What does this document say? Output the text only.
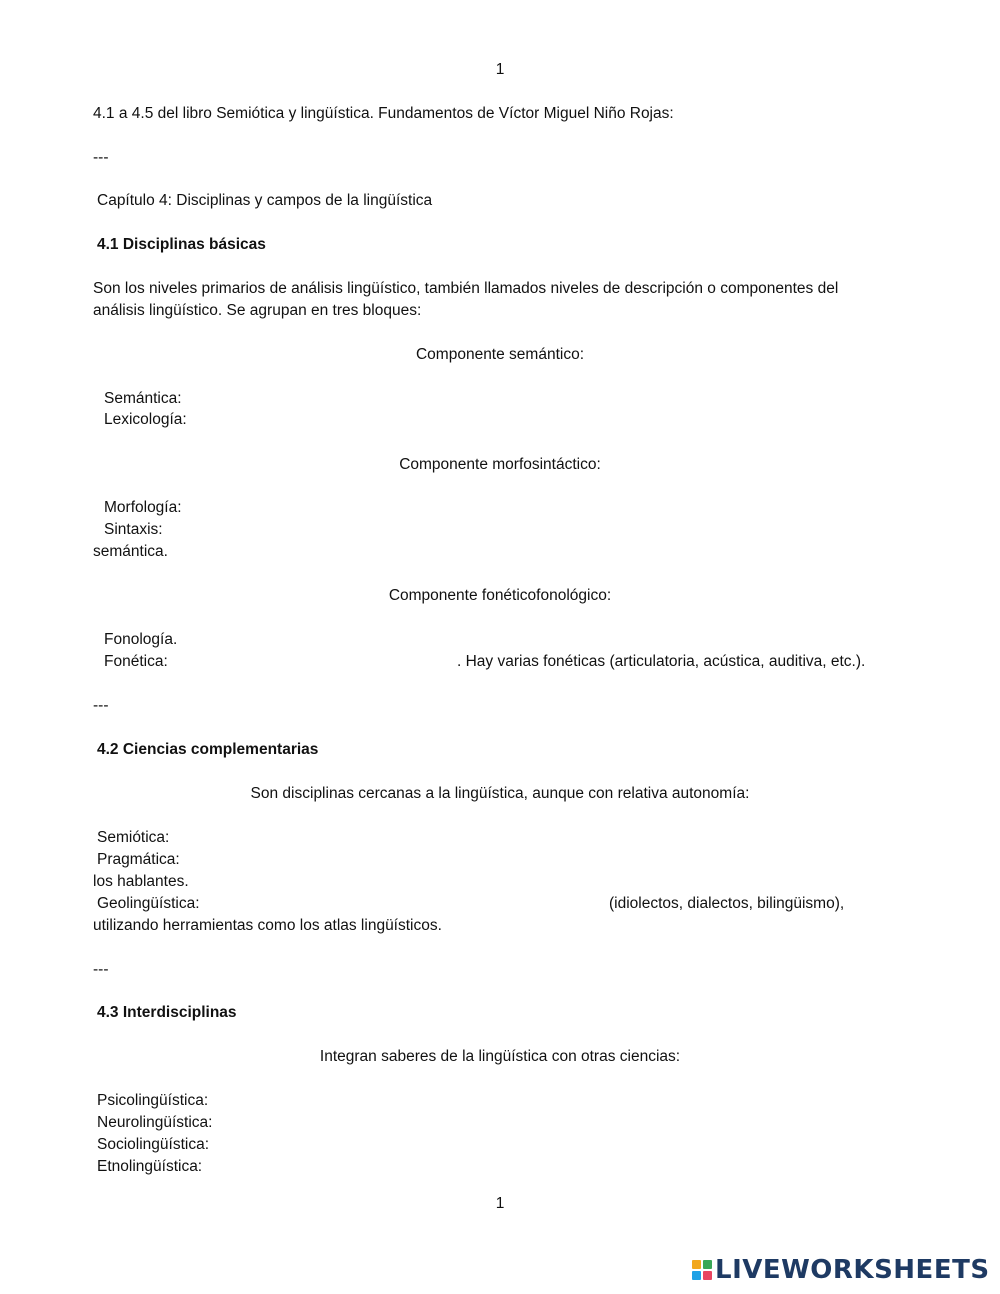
1
4.1 a 4.5 del libro Semiótica y lingüística. Fundamentos de Víctor Miguel Niño Rojas:
---
Capítulo 4: Disciplinas y campos de la lingüística
4.1 Disciplinas básicas
Son los niveles primarios de análisis lingüístico, también llamados niveles de descripción o componentes del
análisis lingüístico. Se agrupan en tres bloques:
Componente semántico:
Semántica:
Lexicología:
Componente morfosintáctico:
Morfología:
Sintaxis:
semántica.
Componente fonéticofonológico:
Fonología.
Fonética:	. Hay varias fonéticas (articulatoria, acústica, auditiva, etc.).
---
4.2 Ciencias complementarias
Son disciplinas cercanas a la lingüística, aunque con relativa autonomía:
Semiótica:
Pragmática:
los hablantes.
Geolingüística:	(idiolectos, dialectos, bilingüismo),
utilizando herramientas como los atlas lingüísticos.
---
4.3 Interdisciplinas
Integran saberes de la lingüística con otras ciencias:
Psicolingüística:
Neurolingüística:
Sociolingüística:
Etnolingüística:
1
LIVEWORKSHEETS
